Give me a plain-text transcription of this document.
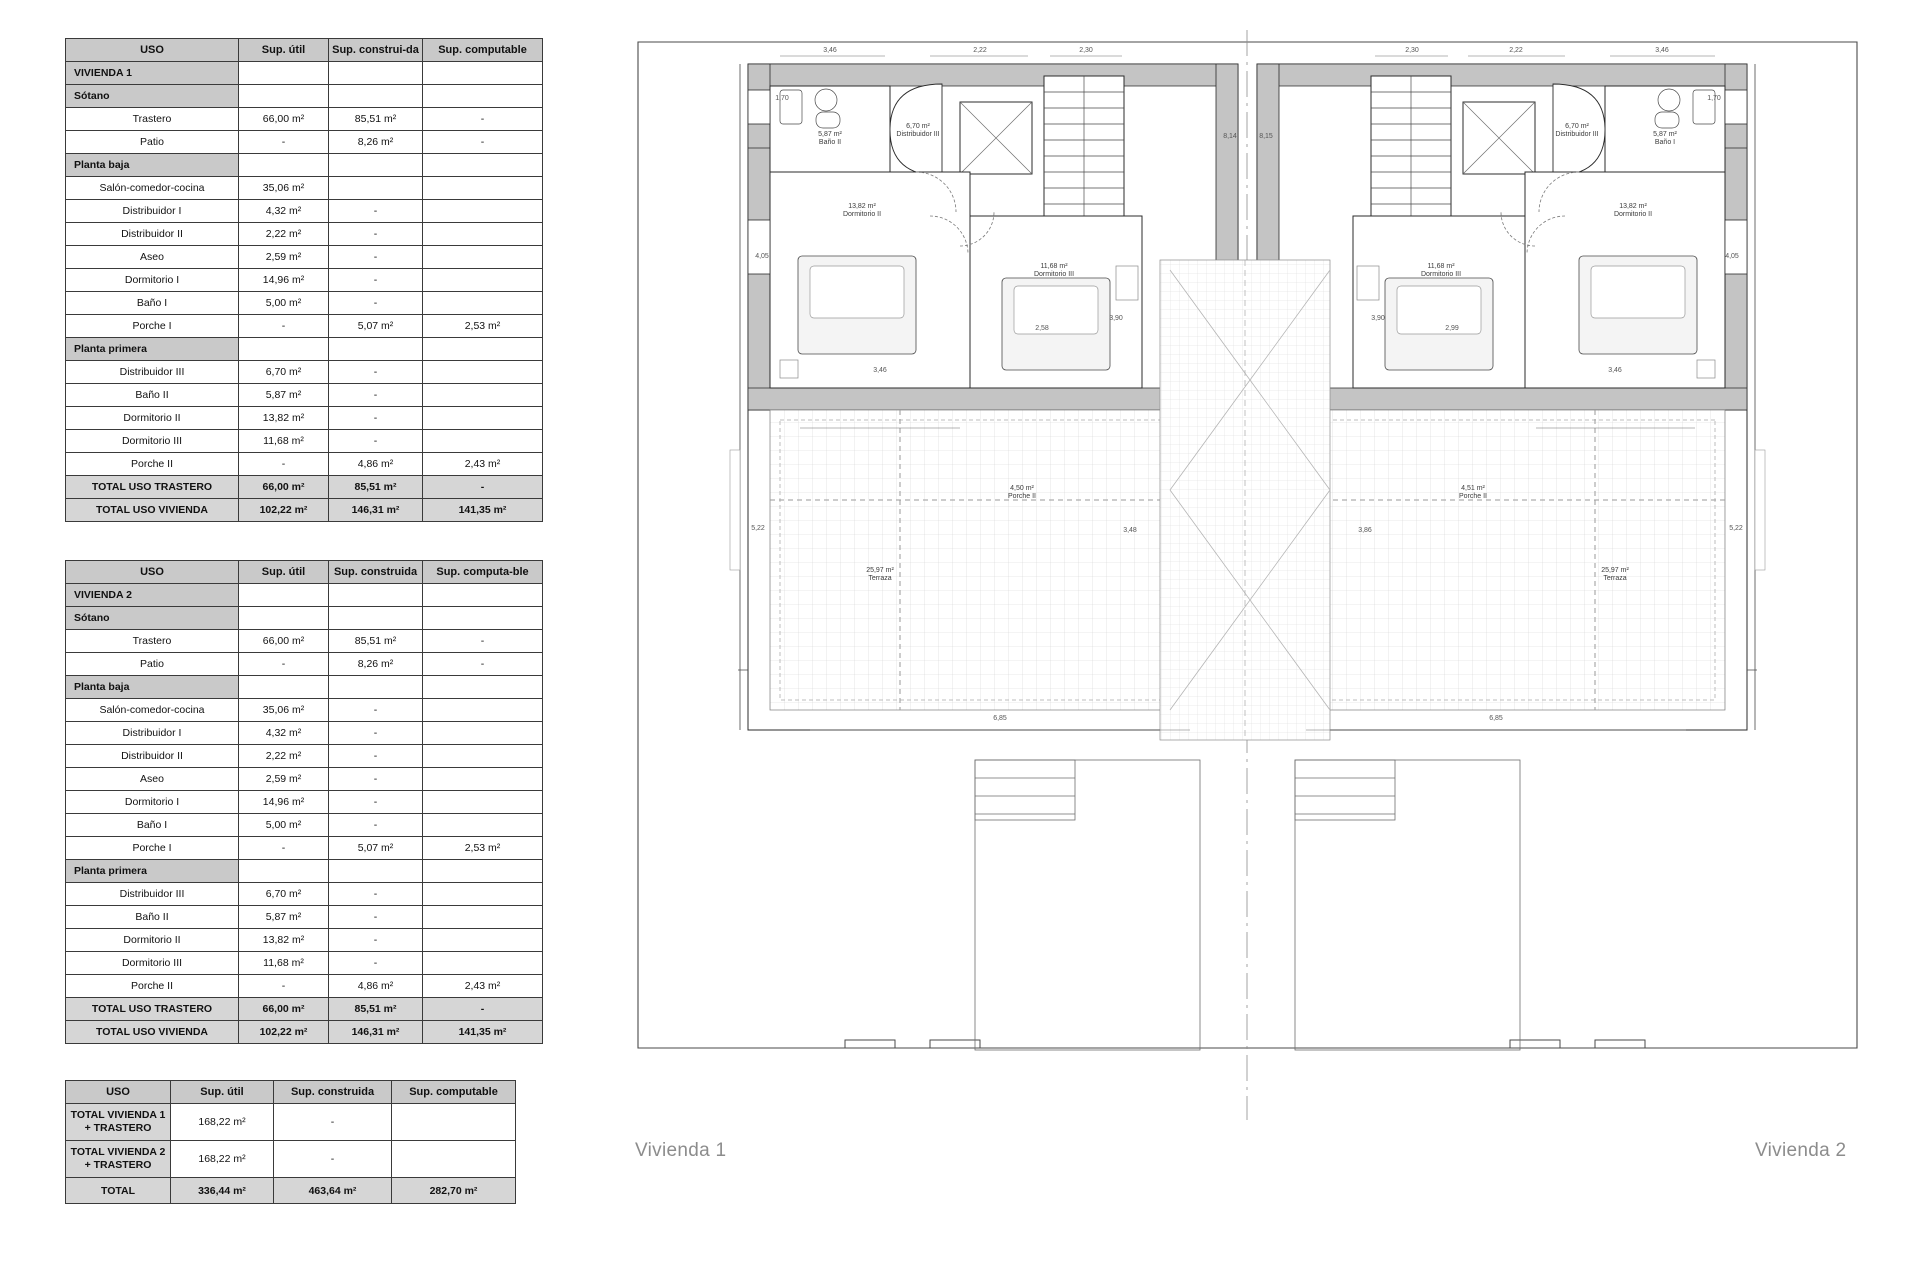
USO	Sup. útil	Sup. construi-da	Sup. computable
VIVIENDA 1			
Sótano			
Trastero	66,00 m²	85,51 m²	-
Patio	-	8,26 m²	-
Planta baja			
Salón-comedor-cocina	35,06 m²		
Distribuidor I	4,32 m²	-	
Distribuidor II	2,22 m²	-	
Aseo	2,59 m²	-	
Dormitorio I	14,96 m²	-	
Baño I	5,00 m²	-	
Porche I	-	5,07 m²	2,53 m²
Planta primera			
Distribuidor III	6,70 m²	-	
Baño II	5,87 m²	-	
Dormitorio II	13,82 m²	-	
Dormitorio III	11,68 m²	-	
Porche II	-	4,86 m²	2,43 m²
TOTAL USO TRASTERO	66,00 m²	85,51 m²	-
TOTAL USO VIVIENDA	102,22 m²	146,31 m²	141,35 m²
USO	Sup. útil	Sup. construida	Sup. computa-ble
VIVIENDA 2			
Sótano			
Trastero	66,00 m²	85,51 m²	-
Patio	-	8,26 m²	-
Planta baja			
Salón-comedor-cocina	35,06 m²	-	
Distribuidor I	4,32 m²	-	
Distribuidor II	2,22 m²	-	
Aseo	2,59 m²	-	
Dormitorio I	14,96 m²	-	
Baño I	5,00 m²	-	
Porche I	-	5,07 m²	2,53 m²
Planta primera			
Distribuidor III	6,70 m²	-	
Baño II	5,87 m²	-	
Dormitorio II	13,82 m²	-	
Dormitorio III	11,68 m²	-	
Porche II	-	4,86 m²	2,43 m²
TOTAL USO TRASTERO	66,00 m²	85,51 m²	-
TOTAL USO VIVIENDA	102,22 m²	146,31 m²	141,35 m²
USO	Sup. útil	Sup. construida	Sup. computable
TOTAL VIVIENDA 1 + TRASTERO	168,22 m²	-	
TOTAL VIVIENDA 2 + TRASTERO	168,22 m²	-	
TOTAL	336,44 m²	463,64 m²	282,70 m²
5,87 m²
Baño II
6,70 m²
Distribuidor III
13,82 m²
Dormitorio II
11,68 m²
Dormitorio III
4,50 m²
Porche II
25,97 m²
Terraza
5,87 m²
Baño I
6,70 m²
Distribuidor III
13,82 m²
Dormitorio II
11,68 m²
Dormitorio III
4,51 m²
Porche II
25,97 m²
Terraza
3,46	2,22	2,30	2,30	2,22	3,46
1,70	1,70
8,14	8,15
4,05	4,05
3,46	3,46
2,58	2,99
3,90	3,90
5,22	5,22
3,48	3,86
6,85	6,85
Vivienda 1	Vivienda 2
